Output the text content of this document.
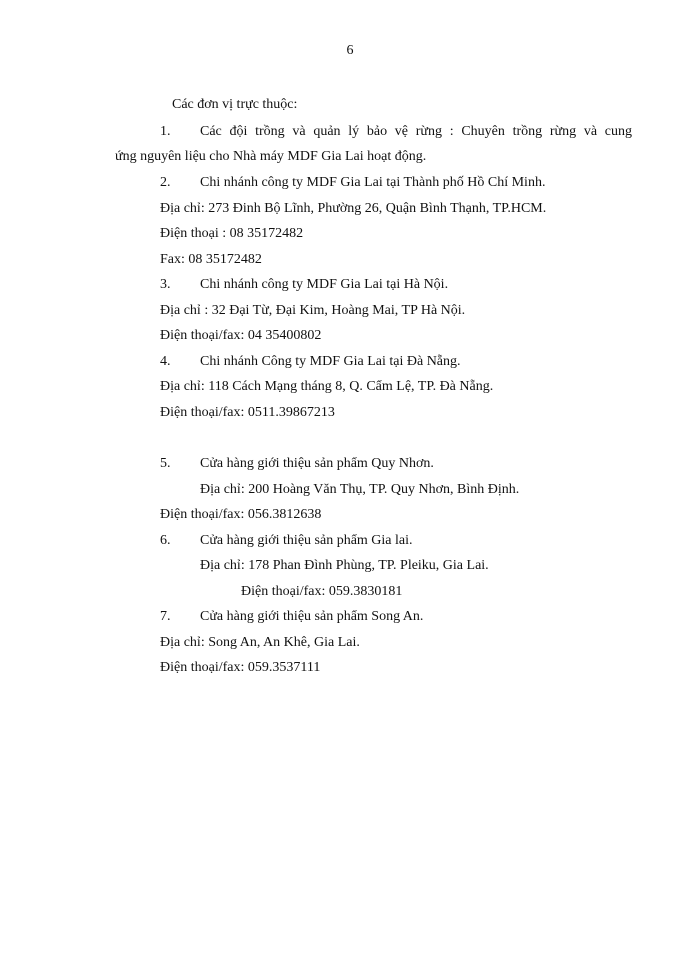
6
Các đơn vị trực thuộc:
1. Các đội trồng và quản lý bảo vệ rừng : Chuyên trồng rừng và cung
ứng nguyên liệu cho Nhà máy MDF Gia Lai hoạt động.
2. Chi nhánh công ty MDF Gia Lai tại Thành phố Hồ Chí Minh.
Địa chỉ: 273 Đinh Bộ Lĩnh, Phường 26, Quận Bình Thạnh, TP.HCM.
Điện thoại : 08 35172482
Fax: 08 35172482
3. Chi nhánh công ty MDF Gia Lai tại Hà Nội.
Địa chỉ : 32 Đại Từ, Đại Kim, Hoàng Mai, TP Hà Nội.
Điện thoại/fax: 04 35400802
4. Chi nhánh Công ty MDF Gia Lai tại Đà Nẵng.
Địa chỉ: 118 Cách Mạng tháng 8, Q. Cẩm Lệ, TP. Đà Nẵng.
Điện thoại/fax: 0511.39867213
5. Cửa hàng giới thiệu sản phẩm Quy Nhơn.
Địa chỉ: 200 Hoàng Văn Thụ, TP. Quy Nhơn, Bình Định.
Điện thoại/fax: 056.3812638
6. Cửa hàng giới thiệu sản phẩm Gia lai.
Địa chỉ: 178 Phan Đình Phùng, TP. Pleiku, Gia Lai.
Điện thoại/fax: 059.3830181
7. Cửa hàng giới thiệu sản phẩm Song An.
Địa chỉ: Song An, An Khê, Gia Lai.
Điện thoại/fax: 059.3537111
